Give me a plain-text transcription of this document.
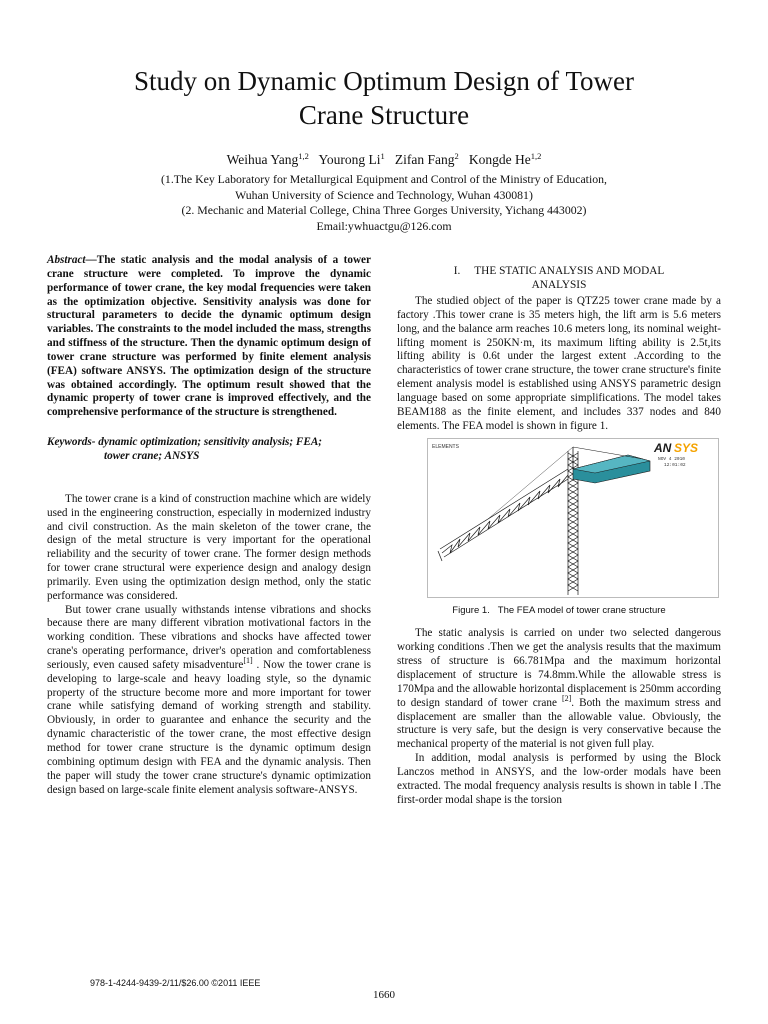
Study on Dynamic Optimum Design of Tower
Crane Structure
Weihua Yang$^{1,2}$ Yourong Li$^1$ Zifan Fang$^2$ Kongde He$^{1,2}$
(1.The Key Laboratory for Metallurgical Equipment and Control of the Ministry of Education,
Wuhan University of Science and Technology, Wuhan 430081)
(2. Mechanic and Material College, China Three Gorges University, Yichang 443002)
Email:ywhuactgu@126.com

Abstract—The static analysis and the modal analysis of a tower crane structure were completed. To improve the dynamic performance of tower crane, the key modal frequencies were taken as the optimization objective. Sensitivity analysis was done for structural parameters to decide the dynamic optimum design variables. The constraints to the model included the mass, strengths and stiffness of the structure. Then the dynamic optimum design of tower crane structure was performed by finite element analysis (FEA) software ANSYS. The optimization design of the structure was obtained accordingly. The optimum result showed that the dynamic property of tower crane is improved effectively, and the comprehensive performance of the structure is strengthened.

Keywords- dynamic optimization; sensitivity analysis; FEA;
tower crane; ANSYS

The tower crane is a kind of construction machine which are widely used in the engineering construction, especially in modernized industry and civil construction. As the main skeleton of the tower crane, the design of the metal structure is very important for the operational reliability and the security of tower crane. The former design methods for tower crane structural were experience design and analogy design primarily. Even using the optimization design method, only the static performance was considered.

But tower crane usually withstands intense vibrations and shocks because there are many different vibration motivational factors in the working condition. These vibrations and shocks have affected tower crane's operating performance, driver's operation and comfortableness seriously, even caused safety misadventure[1] . Now the tower crane is developing to large-scale and heavy loading style, so the dynamic property of the structure become more and more important for tower crane while satisfying demand of working strength and stability. Obviously, in order to guarantee and enhance the security and the dynamic characteristic of the tower crane, the most effective design method for tower crane structure is the dynamic optimum design combining optimum design with FEA and the dynamic analysis. Then the paper will study the tower crane structure's dynamic optimization design based on large-scale finite element analysis software-ANSYS.

I. THE STATIC ANALYSIS AND MODAL
ANALYSIS

The studied object of the paper is QTZ25 tower crane made by a factory .This tower crane is 35 meters high, the lift arm is 5.6 meters long, and the balance arm reaches 10.6 meters long, its nominal weight-lifting moment is 250KN·m, its maximum lifting ability is 2.5t,its lifting ability is 0.6t under the largest extent .According to the characteristics of tower crane structure, the tower crane structure's finite element analysis model is established using ANSYS parametric design language based on some appropriate simplifications. The model takes BEAM188 as the finite element, and includes 337 nodes and 840 elements. The FEA model is shown in figure 1.

ELEMENTS	AN SYS
NOV 4 2010
12:01:02
Figure 1. The FEA model of tower crane structure

The static analysis is carried on under two selected dangerous working conditions .Then we get the analysis results that the maximum stress of structure is 66.781Mpa and the maximum horizontal displacement of structure is 74.8mm.While the allowable stress is 170Mpa and the allowable horizontal displacement is 250mm according to design standard of tower crane [2]. Both the maximum stress and displacement are smaller than the allowable value. Obviously, the structure is very safe, but the design is very conservative because the mechanical property of the material is not given full play.

In addition, modal analysis is performed by using the Block Lanczos method in ANSYS, and the low-order modals have been extracted. The modal frequency analysis results is shown in table Ⅰ .The first-order modal shape is the torsion

978-1-4244-9439-2/11/$26.00 ©2011 IEEE
1660
